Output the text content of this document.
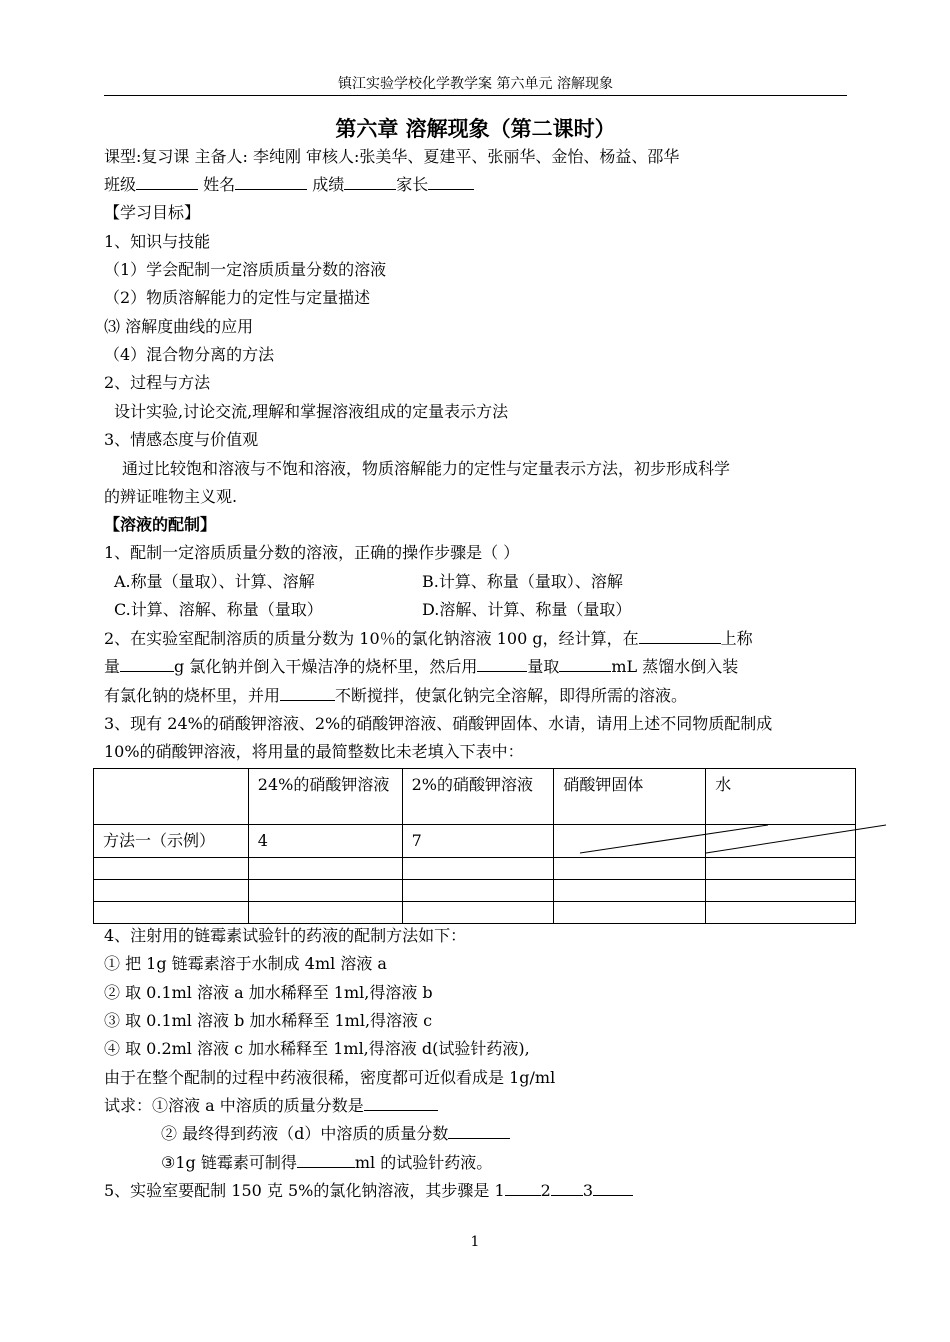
镇江实验学校化学教学案 第六单元 溶解现象
第六章 溶解现象（第二课时）
课型:复习课 主备人: 李纯刚 审核人:张美华、夏建平、张丽华、金怡、杨益、邵华
班级	姓名	成绩	家长
【学习目标】
1、知识与技能
（1）学会配制一定溶质质量分数的溶液
（2）物质溶解能力的定性与定量描述
⑶ 溶解度曲线的应用
（4）混合物分离的方法
2、过程与方法
设计实验,讨论交流,理解和掌握溶液组成的定量表示方法
3、情感态度与价值观
通过比较饱和溶液与不饱和溶液，物质溶解能力的定性与定量表示方法，初步形成科学
的辨证唯物主义观.
【溶液的配制】
1、配制一定溶质质量分数的溶液，正确的操作步骤是（ ）
A.称量（量取）、计算、溶解	B.计算、称量（量取）、溶解
C.计算、溶解、称量（量取）	D.溶解、计算、称量（量取）
2、在实验室配制溶质的质量分数为 10％的氯化钠溶液 100 g，经计算，在	上称
量	g 氯化钠并倒入干燥洁净的烧杯里，然后用	量取	mL 蒸馏水倒入装
有氯化钠的烧杯里，并用	不断搅拌，使氯化钠完全溶解，即得所需的溶液。
3、现有 24%的硝酸钾溶液、2%的硝酸钾溶液、硝酸钾固体、水请，请用上述不同物质配制成
10%的硝酸钾溶液，将用量的最简整数比未老填入下表中：
	24%的硝酸钾溶液	2%的硝酸钾溶液	硝酸钾固体	水
方法一（示例）	4	7		

4、注射用的链霉素试验针的药液的配制方法如下：
① 把 1g 链霉素溶于水制成 4ml 溶液 a
② 取 0.1ml 溶液 a 加水稀释至 1ml,得溶液 b
③ 取 0.1ml 溶液 b 加水稀释至 1ml,得溶液 c
④ 取 0.2ml 溶液 c 加水稀释至 1ml,得溶液 d(试验针药液),
由于在整个配制的过程中药液很稀，密度都可近似看成是 1g/ml
试求：①溶液 a 中溶质的质量分数是
② 最终得到药液（d）中溶质的质量分数
③1g 链霉素可制得	ml 的试验针药液。
5、实验室要配制 150 克 5%的氯化钠溶液，其步骤是 1 2 3
1
